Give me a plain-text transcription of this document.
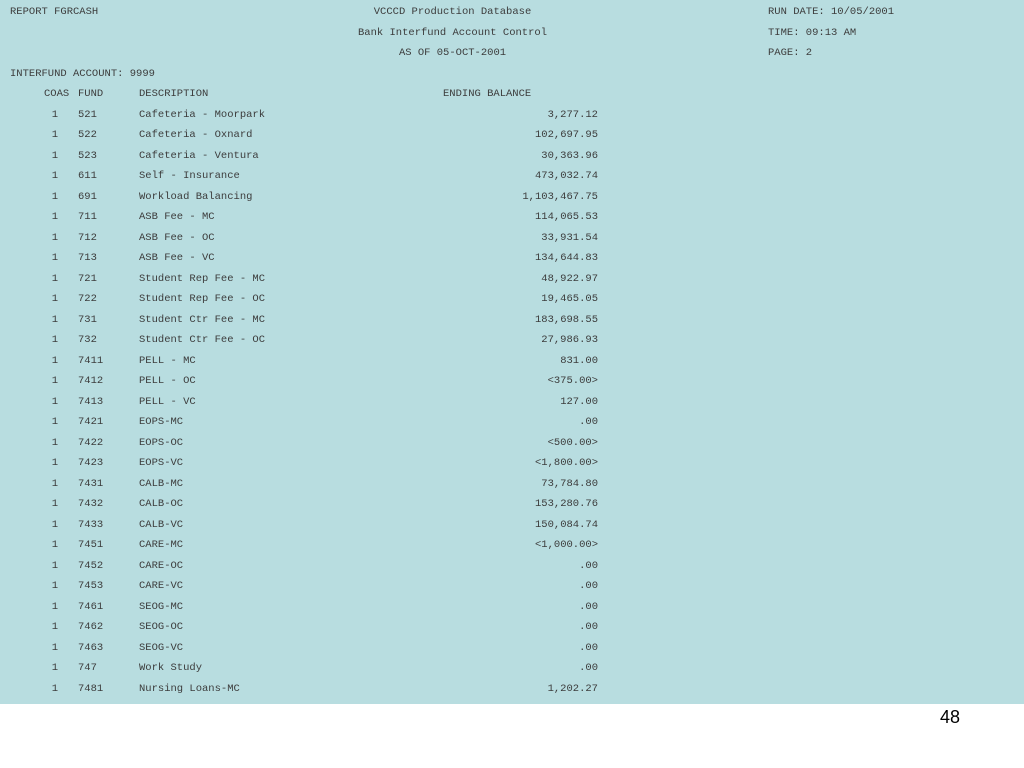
REPORT FGRCASH

	VCCCD Production Database

	RUN DATE: 10/05/2001

Bank Interfund Account Control

	TIME: 09:13 AM

AS OF 05-OCT-2001

	PAGE: 2

INTERFUND ACCOUNT: 9999

COAS

FUND

	DESCRIPTION

	ENDING BALANCE

1 521	Cafeteria - Moorpark	3,277.12
1 522	Cafeteria - Oxnard	102,697.95
1 523	Cafeteria - Ventura	30,363.96
1 611	Self - Insurance	473,032.74
1 691	Workload Balancing	1,103,467.75
1 711	ASB Fee - MC	114,065.53
1 712	ASB Fee - OC	33,931.54
1 713	ASB Fee - VC	134,644.83
1 721	Student Rep Fee - MC	48,922.97
1 722	Student Rep Fee - OC	19,465.05
1 731	Student Ctr Fee - MC	183,698.55
1 732	Student Ctr Fee - OC	27,986.93
1 7411	PELL - MC	831.00
1 7412	PELL - OC	<375.00>
1 7413	PELL - VC	127.00
1 7421	EOPS-MC	.00
1 7422	EOPS-OC	<500.00>
1 7423	EOPS-VC	<1,800.00>
1 7431	CALB-MC	73,784.80
1 7432	CALB-OC	153,280.76
1 7433	CALB-VC	150,084.74
1 7451	CARE-MC	<1,000.00>
1 7452	CARE-OC	.00
1 7453	CARE-VC	.00
1 7461	SEOG-MC	.00
1 7462	SEOG-OC	.00
1 7463	SEOG-VC	.00
1 747	Work Study	.00
1 7481	Nursing Loans-MC	1,202.27
48
